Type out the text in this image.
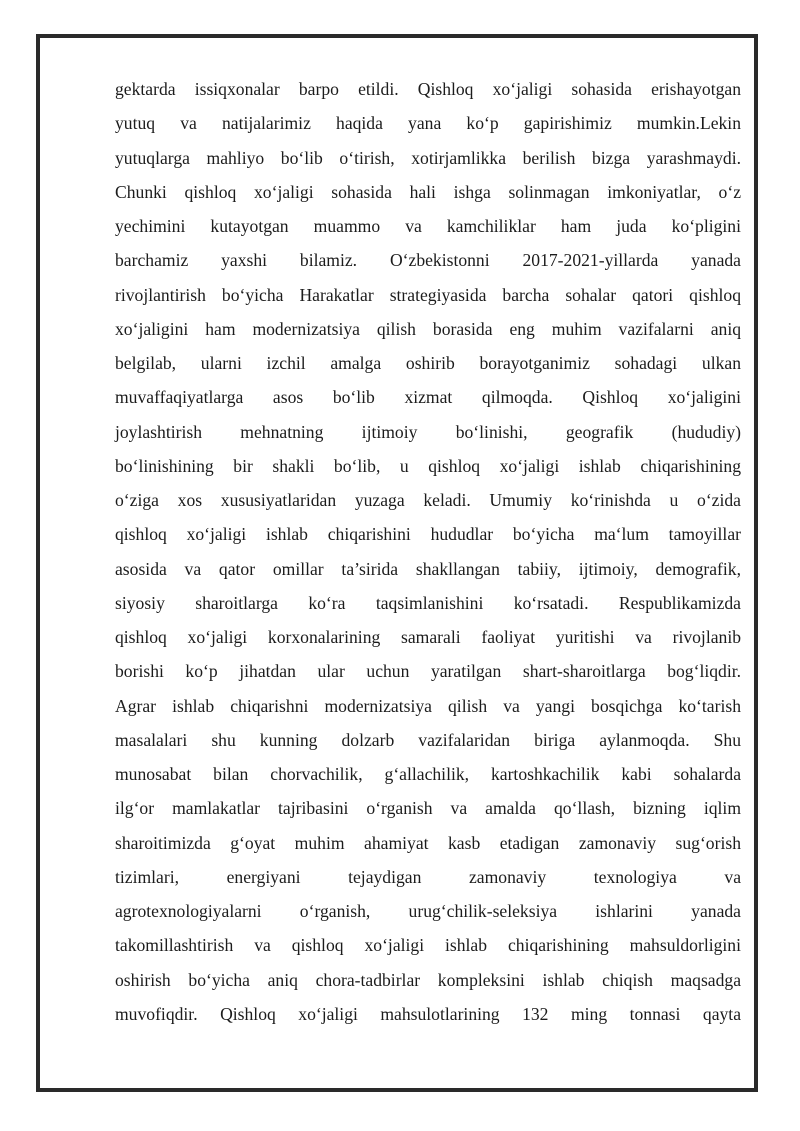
gektarda issiqxonalar barpo etildi. Qishloq xo‘jaligi sohasida erishayotgan
yutuq va natijalarimiz haqida yana ko‘p gapirishimiz mumkin.Lekin
yutuqlarga mahliyo bo‘lib o‘tirish, xotirjamlikka berilish bizga yarashmaydi.
Chunki qishloq xo‘jaligi sohasida hali ishga solinmagan imkoniyatlar, o‘z
yechimini kutayotgan muammo va kamchiliklar ham juda ko‘pligini
barchamiz yaxshi bilamiz. O‘zbekistonni 2017-2021-yillarda yanada
rivojlantirish bo‘yicha Harakatlar strategiyasida barcha sohalar qatori qishloq
xo‘jaligini ham modernizatsiya qilish borasida eng muhim vazifalarni aniq
belgilab, ularni izchil amalga oshirib borayotganimiz sohadagi ulkan
muvaffaqiyatlarga asos bo‘lib xizmat qilmoqda. Qishloq xo‘jaligini
joylashtirish mehnatning ijtimoiy bo‘linishi, geografik (hududiy)
bo‘linishining bir shakli bo‘lib, u qishloq xo‘jaligi ishlab chiqarishining
o‘ziga xos xususiyatlaridan yuzaga keladi. Umumiy ko‘rinishda u o‘zida
qishloq xo‘jaligi ishlab chiqarishini hududlar bo‘yicha ma‘lum tamoyillar
asosida va qator omillar ta’sirida shakllangan tabiiy, ijtimoiy, demografik,
siyosiy sharoitlarga ko‘ra taqsimlanishini ko‘rsatadi. Respublikamizda
qishloq xo‘jaligi korxonalarining samarali faoliyat yuritishi va rivojlanib
borishi ko‘p jihatdan ular uchun yaratilgan shart-sharoitlarga bog‘liqdir.
Agrar ishlab chiqarishni modernizatsiya qilish va yangi bosqichga ko‘tarish
masalalari shu kunning dolzarb vazifalaridan biriga aylanmoqda. Shu
munosabat bilan chorvachilik, g‘allachilik, kartoshkachilik kabi sohalarda
ilg‘or mamlakatlar tajribasini o‘rganish va amalda qo‘llash, bizning iqlim
sharoitimizda g‘oyat muhim ahamiyat kasb etadigan zamonaviy sug‘orish
tizimlari, energiyani tejaydigan zamonaviy texnologiya va
agrotexnologiyalarni o‘rganish, urug‘chilik-seleksiya ishlarini yanada
takomillashtirish va qishloq xo‘jaligi ishlab chiqarishining mahsuldorligini
oshirish bo‘yicha aniq chora-tadbirlar kompleksini ishlab chiqish maqsadga
muvofiqdir. Qishloq xo‘jaligi mahsulotlarining 132 ming tonnasi qayta
